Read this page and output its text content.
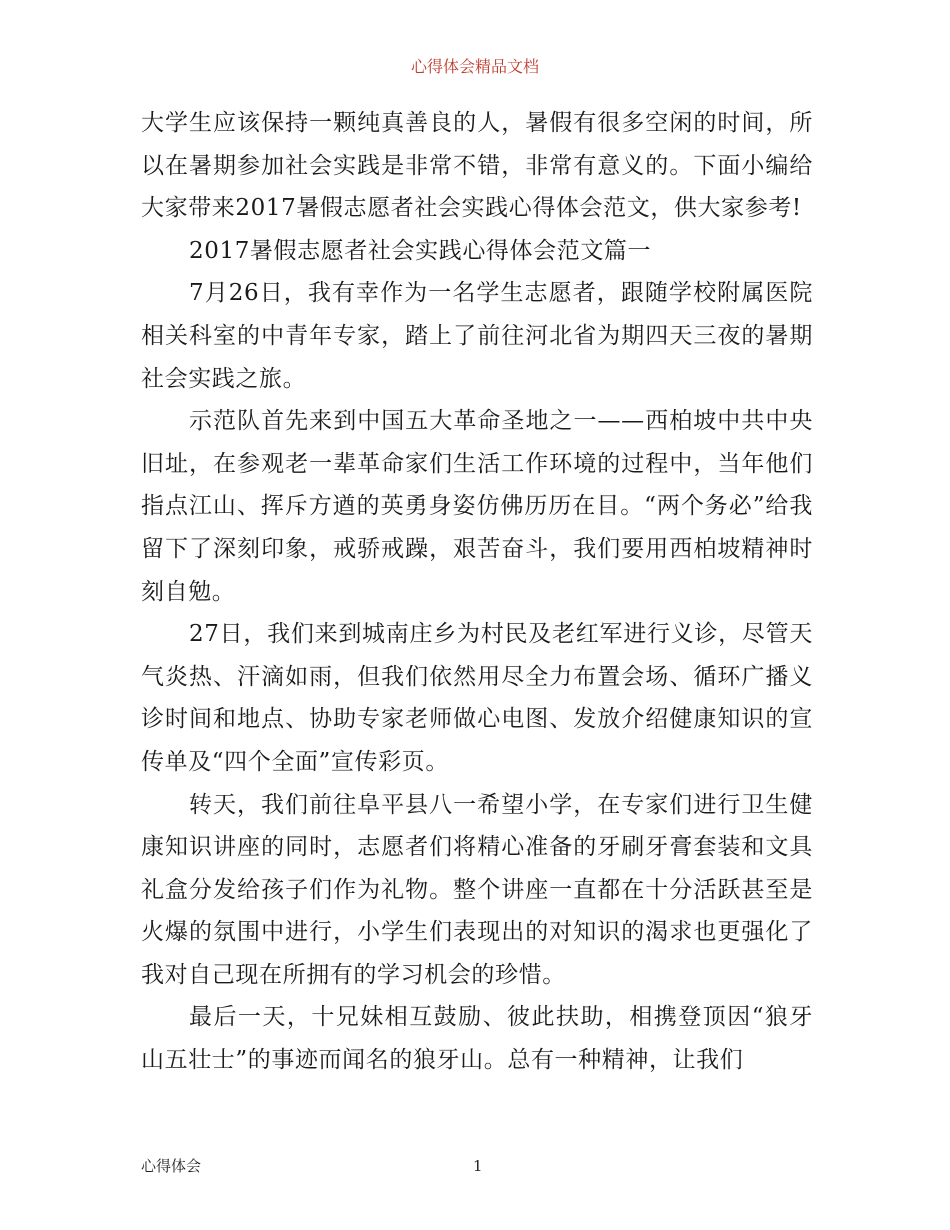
心得体会精品文档

大学生应该保持一颗纯真善良的人，暑假有很多空闲的时间，所以在暑期参加社会实践是非常不错，非常有意义的。下面小编给大家带来2017暑假志愿者社会实践心得体会范文，供大家参考!

2017暑假志愿者社会实践心得体会范文篇一

7月26日，我有幸作为一名学生志愿者，跟随学校附属医院相关科室的中青年专家，踏上了前往河北省为期四天三夜的暑期社会实践之旅。

示范队首先来到中国五大革命圣地之一——西柏坡中共中央旧址，在参观老一辈革命家们生活工作环境的过程中，当年他们指点江山、挥斥方遒的英勇身姿仿佛历历在目。“两个务必”给我留下了深刻印象，戒骄戒躁，艰苦奋斗，我们要用西柏坡精神时刻自勉。

27日，我们来到城南庄乡为村民及老红军进行义诊，尽管天气炎热、汗滴如雨，但我们依然用尽全力布置会场、循环广播义诊时间和地点、协助专家老师做心电图、发放介绍健康知识的宣传单及“四个全面”宣传彩页。

转天，我们前往阜平县八一希望小学，在专家们进行卫生健康知识讲座的同时，志愿者们将精心准备的牙刷牙膏套装和文具礼盒分发给孩子们作为礼物。整个讲座一直都在十分活跃甚至是火爆的氛围中进行，小学生们表现出的对知识的渴求也更强化了我对自己现在所拥有的学习机会的珍惜。

最后一天，十兄妹相互鼓励、彼此扶助，相携登顶因“狼牙山五壮士”的事迹而闻名的狼牙山。总有一种精神，让我们

心得体会	1
